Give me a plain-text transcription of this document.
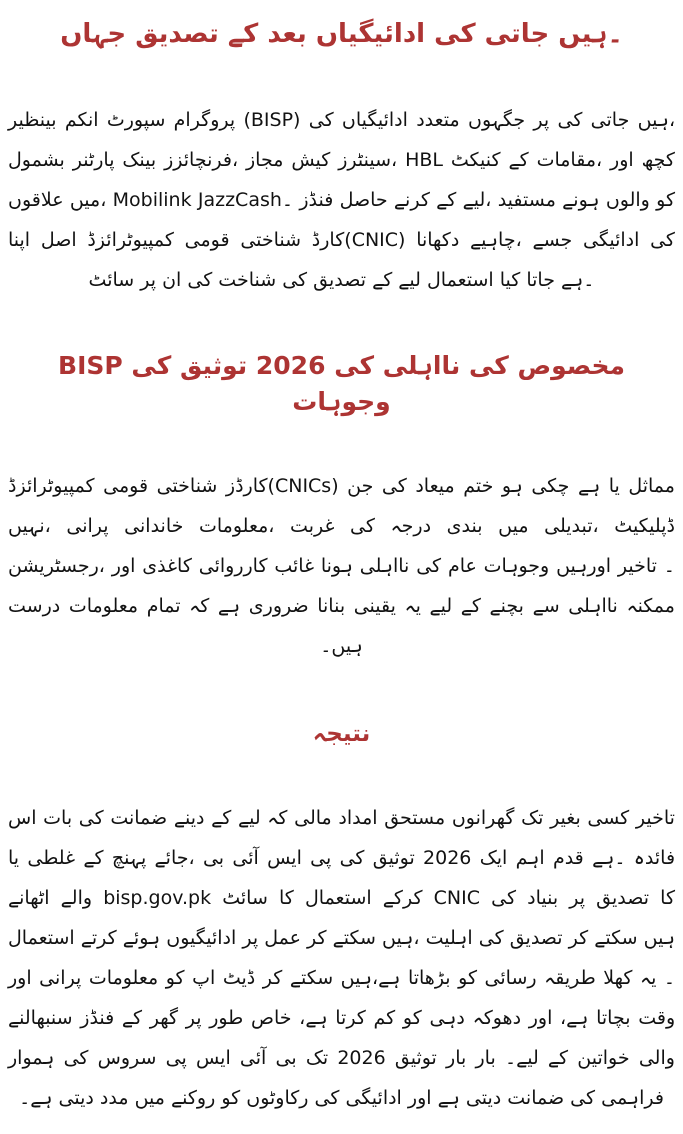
جہاں تصدیق کے بعد ادائیگیاں کی جاتی ہیں۔

بینظیر انکم سپورٹ پروگرام (BISP) کی ادائیگیاں متعدد جگہوں پر کی جاتی ہیں، بشمول پارٹنر بینک فرنچائزز، مجاز کیش سینٹرز، HBL کنیکٹ کے مقامات، اور کچھ علاقوں میں، Mobilink JazzCash۔ فنڈز حاصل کرنے کے لیے، مستفید ہونے والوں کو اپنا اصل کمپیوٹرائزڈ قومی شناختی کارڈ(CNIC) دکھانا چاہیے، جسے ادائیگی کی سائٹ پر ان کی شناخت کی تصدیق کے لیے استعمال کیا جاتا ہے۔

BISP کی توثیق 2026 کی نااہلی کی مخصوص وجوہات

کمپیوٹرائزڈ قومی شناختی کارڈز(CNICs) جن کی میعاد ختم ہو چکی ہے یا مماثل نہیں، پرانی خاندانی معلومات، غربت کی درجہ بندی میں تبدیلی، ڈپلیکیٹ رجسٹریشن، اور کاغذی کارروائی غائب ہونا نااہلی کی عام وجوہات ہیں	۔ تاخیر اور ممکنہ نااہلی سے بچنے کے لیے یہ یقینی بنانا ضروری ہے کہ تمام معلومات درست ہیں۔

نتیجہ

اس بات کی ضمانت دینے کے لیے کہ مالی امداد مستحق گھرانوں تک بغیر کسی تاخیر یا غلطی کے پہنچ جائے، بی آئی ایس پی کی توثیق 2026 ایک اہم قدم ہے۔ فائدہ اٹھانے والے bisp.gov.pk سائٹ کا استعمال کرکے CNIC کی بنیاد پر تصدیق کا استعمال کرتے ہوئے ادائیگیوں پر عمل کر سکتے ہیں، اہلیت کی تصدیق کر سکتے ہیں اور پرانی معلومات کو اپ ڈیٹ کر سکتے ہیں	۔ یہ کھلا طریقہ رسائی کو بڑھاتا ہے، وقت بچاتا ہے، اور دھوکہ دہی کو کم کرتا ہے، خاص طور پر گھر کے فنڈز سنبھالنے والی خواتین کے لیے۔ بار بار توثیق 2026 تک بی آئی ایس پی سروس کی ہموار فراہمی کی ضمانت دیتی ہے اور ادائیگی کی رکاوٹوں کو روکنے میں مدد دیتی ہے۔
